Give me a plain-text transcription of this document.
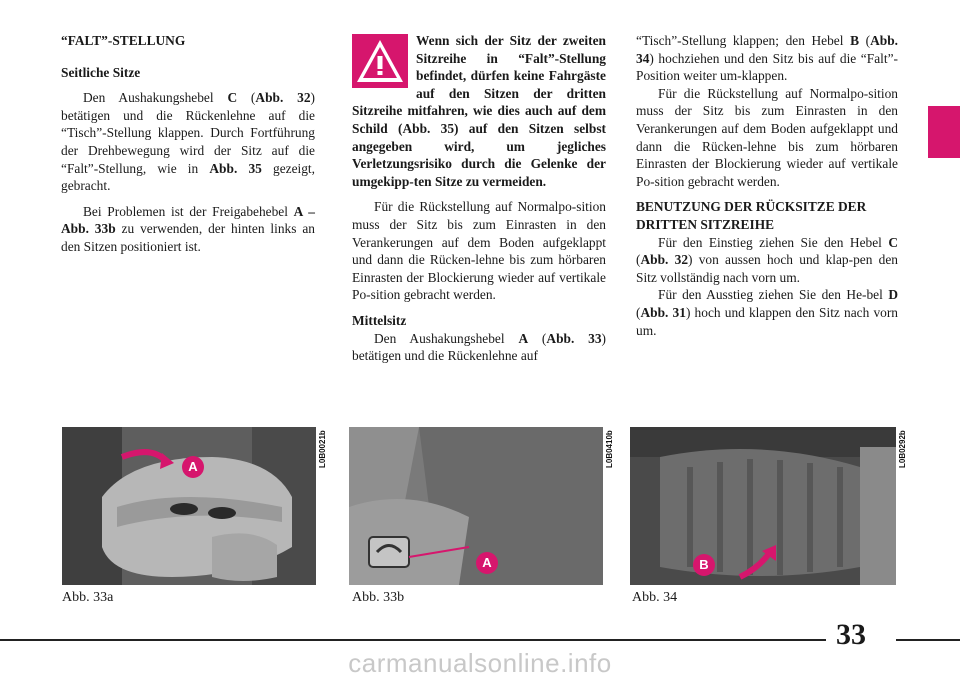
“FALT”-STELLUNG

Seitliche Sitze

Den Aushakungshebel C (Abb. 32) betätigen und die Rückenlehne auf die “Tisch”-Stellung klappen. Durch Fortführung der Drehbewegung wird der Sitz auf die “Falt”-Stellung, wie in Abb. 35 gezeigt, gebracht.

Bei Problemen ist der Freigabehebel A – Abb. 33b zu verwenden, der hinten links an den Sitzen positioniert ist.

Wenn sich der Sitz der zweiten Sitzreihe in “Falt”-Stellung befindet, dürfen keine Fahrgäste auf den Sitzen der dritten Sitzreihe mitfahren, wie dies auch auf dem Schild (Abb. 35) auf den Sitzen selbst angegeben wird, um jegliches Verletzungsrisiko durch die Gelenke der umgekipp-ten Sitze zu vermeiden.

Für die Rückstellung auf Normalpo-sition muss der Sitz bis zum Einrasten in den Verankerungen auf dem Boden aufgeklappt und dann die Rücken-lehne bis zum hörbaren Einrasten der Blockierung wieder auf vertikale Po-sition gebracht werden.

Mittelsitz

Den Aushakungshebel A (Abb. 33) betätigen und die Rückenlehne auf

“Tisch”-Stellung klappen; den Hebel B (Abb. 34) hochziehen und den Sitz bis auf die “Falt”-Position weiter um-klappen.

Für die Rückstellung auf Normalpo-sition muss der Sitz bis zum Einrasten in den Verankerungen auf dem Boden aufgeklappt und dann die Rücken-lehne bis zum hörbaren Einrasten der Blockierung wieder auf vertikale Po-sition gebracht werden.

BENUTZUNG DER RÜCKSITZE DER DRITTEN SITZREIHE

Für den Einstieg ziehen Sie den Hebel C (Abb. 32) von aussen hoch und klap-pen den Sitz vollständig nach vorn um.

Für den Ausstieg ziehen Sie den He-bel D (Abb. 31) hoch und klappen den Sitz nach vorn um.

A	L0B0021b
A
L0B0410b
B
L0B0292b
Abb. 33a	Abb. 33b	Abb. 34
33
carmanualsonline.info
